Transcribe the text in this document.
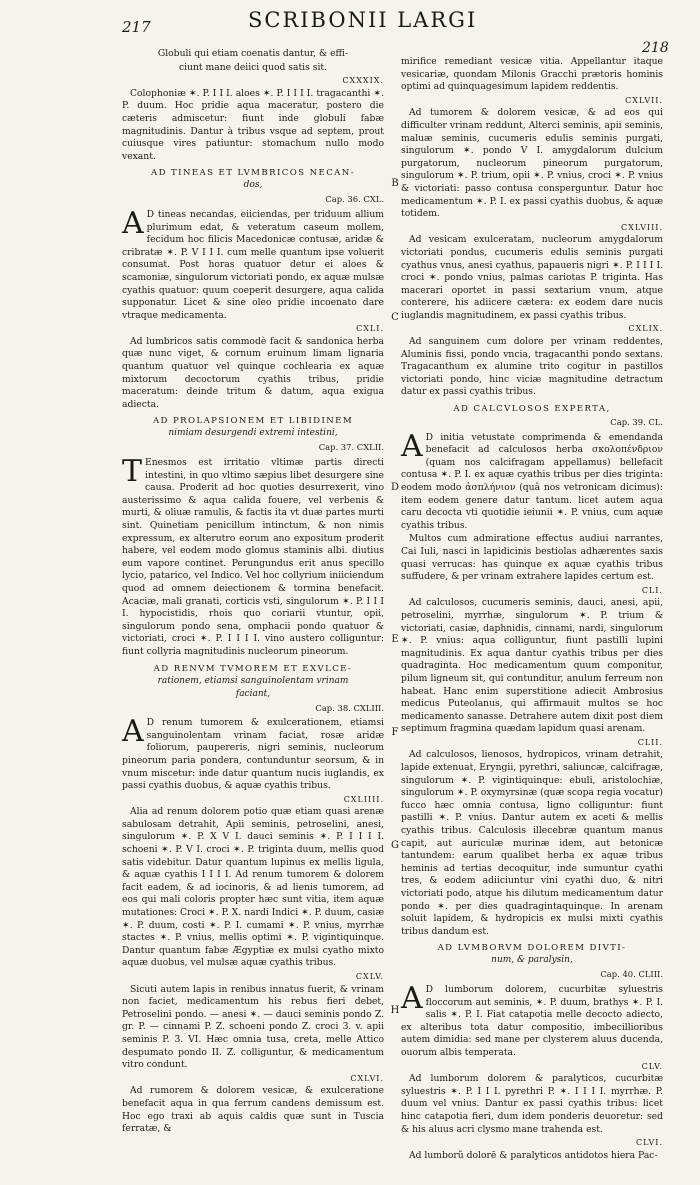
217	SCRIBONII LARGI
218
B
C
D
E
F
G
H

Globuli qui etiam coenatis dantur, & effi-

ciunt mane deiici quod satis sit.

CXXXIX.

Colophoniæ ✶. P. I I I. aloes ✶. P. I I I I. tragacanthi ✶. P. duum. Hoc pridie aqua maceratur, postero die cæteris admiscetur: fiunt inde globuli fabæ magnitudinis. Dantur à tribus vsque ad septem, prout cuiusque vires patiuntur: stomachum nullo modo vexant.

AD TINEAS ET LVMBRICOS NECAN-
dos,
Cap. 36. CXL.

A D tineas necandas, eiiciendas, per triduum allium plurimum edat, & veteratum caseum mollem, fecidum hoc filicis Macedonicæ contusæ, aridæ & cribratæ ✶. P. V I I I. cum melle quantum ipse voluerit consumat. Post horas quatuor detur ei aloes & scamoniæ, singulorum victoriati pondo, ex aquæ mulsæ cyathis quatuor: quum coeperit desurgere, aqua calida supponatur. Licet & sine oleo pridie incoenato dare vtraque medicamenta.

CXLI.

Ad lumbricos satis commodè facit & sandonica herba quæ nunc viget, & cornum eruinum limam lignaria quantum quatuor vel quinque cochlearia ex aquæ mixtorum decoctorum cyathis tribus, pridie maceratum: deinde tritum & datum, aqua exigua adiecta.

AD PROLAPSIONEM ET LIBIDINEM
nimiam desurgendi extremi intestini,
Cap. 37. CXLII.

T Enesmos est irritatio vltimæ partis directi intestini, in quo vltimo sæpius libet desurgere sine causa. Proderit ad hoc quoties desurrexerit, vino austerissimo & aqua calida fouere, vel verbenis & murti, & oliuæ ramulis, & factis ita vt duæ partes murti sint. Quinetiam penicillum intinctum, & non nimis expressum, ex alterutro eorum ano expositum proderit habere, vel eodem modo glomus staminis albi. diutius eum vapore continet. Perungundus erit anus specillo lycio, patarico, vel Indico. Vel hoc collyrium iniiciendum quod ad omnem deiectionem & tormina benefacit. Acaciæ, mali granati, corticis vsti, singulorum ✶. P. I I I I. hypocistidis, rhois quo coriarii vtuntur, opii, singulorum pondo sena, omphacii pondo quatuor & victoriati, croci ✶. P. I I I I. vino austero colliguntur: fiunt collyria magnitudinis nucleorum pineorum.

AD RENVM TVMOREM ET EXVLCE-
rationem, etiamsi sanguinolentam vrinam
faciant,
Cap. 38. CXLIII.

A D renum tumorem & exulcerationem, etiamsi sanguinolentam vrinam faciat, rosæ aridæ foliorum, paupereris, nigri seminis, nucleorum pineorum paria pondera, contunduntur seorsum, & in vnum miscetur: inde datur quantum nucis iuglandis, ex passi cyathis duobus, & aquæ cyathis tribus.

CXLIIII.

Alia ad renum dolorem potio quæ etiam quasi arenæ sabulosam detrahit, Apii seminis, petroselini, anesi, singulorum ✶. P. X V I. dauci seminis ✶. P. I I I I. schoeni ✶. P. V I. croci ✶. P. triginta duum, mellis quod satis videbitur. Datur quantum lupinus ex mellis ligula, & aquæ cyathis I I I I. Ad renum tumorem & dolorem facit eadem, & ad iocinoris, & ad lienis tumorem, ad eos qui mali coloris propter hæc sunt vitia, item aquæ mutationes: Croci ✶. P. X. nardi Indici ✶. P. duum, casiæ ✶. P. duum, costi ✶. P. I. cumami ✶. P. vnius, myrrhæ stactes ✶. P. vnius, mellis optimi ✶. P. vigintiquinque. Dantur quantum fabæ Ægyptiæ ex mulsi cyatho mixto aquæ duobus, vel mulsæ aquæ cyathis tribus.

CXLV.

Sicuti autem lapis in renibus innatus fuerit, & vrinam non faciet, medicamentum his rebus fieri debet, Petroselini pondo. — anesi ✶. — dauci seminis pondo Z. gr. P. — cinnami P. Z. schoeni pondo Z. croci 3. v. apii seminis P. 3. VI. Hæc omnia tusa, creta, melle Attico despumato pondo II. Z. colliguntur, & medicamentum vitro condunt.

CXLVI.

Ad rumorem & dolorem vesicæ, & exulceratione benefacit aqua in qua ferrum candens demissum est. Hoc ego traxi ab aquis caldis quæ sunt in Tuscia ferratæ, &

mirifice remediant vesicæ vitia. Appellantur itaque vesicariæ, quondam Milonis Gracchi prætoris hominis optimi ad quinquagesimum lapidem reddentis.

CXLVII.

Ad tumorem & dolorem vesicæ, & ad eos qui difficulter vrinam reddunt, Alterci seminis, apii seminis, maluæ seminis, cucumeris edulis seminis purgati, singulorum ✶. pondo V I. amygdalorum dulcium purgatorum, nucleorum pineorum purgatorum, singulorum ✶. P. trium, opii ✶. P. vnius, croci ✶. P. vnius & victoriati: passo contusa consperguntur. Datur hoc medicamentum ✶. P. I. ex passi cyathis duobus, & aquæ totidem.

CXLVIII.

Ad vesicam exulceratam, nucleorum amygdalorum victoriati pondus, cucumeris edulis seminis purgati cyathus vnus, anesi cyathus, papaueris nigri ✶. P. I I I I. croci ✶. pondo vnius, palmas cariotas P. triginta. Has macerari oportet in passi sextarium vnum, atque conterere, his adiicere cætera: ex eodem dare nucis iuglandis magnitudinem, ex passi cyathis tribus.

CXLIX.

Ad sanguinem cum dolore per vrinam reddentes, Aluminis fissi, pondo vncia, tragacanthi pondo sextans. Tragacanthum ex alumine trito cogitur in pastillos victoriati pondo, hinc viciæ magnitudine detractum datur ex passi cyathis tribus.

AD CALCVLOSOS EXPERTA,
Cap. 39. CL.

A D initia vetustate comprimenda & emendanda benefacit ad calculosos herba σκολοπένδριον (quam nos calcifragam appellamus) bellefacit contusa ✶. P. I. ex aquæ cyathis tribus per dies triginta: eodem modo ἀσπλήνιον (quâ nos vetronicam dicimus): item eodem genere datur tantum. licet autem aqua caru decocta vti quotidie ieiunii ✶. P. vnius, cum aquæ cyathis tribus.

Multos cum admiratione effectus audiui narrantes, Cai Iuli, nasci in lapidicinis bestiolas adhærentes saxis quasi verrucas: has quinque ex aquæ cyathis tribus suffudere, & per vrinam extrahere lapides certum est.

CLI.

Ad calculosos, cucumeris seminis, dauci, anesi, apii, petroselini, myrrhæ, singulorum ✶. P. trium & victoriati, casiæ, daphnidis, cinnami, nardi, singulorum ✶. P. vnius: aqua colliguntur, fiunt pastilli lupini magnitudinis. Ex aqua dantur cyathis tribus per dies quadraginta. Hoc medicamentum quum componitur, pilum ligneum sit, qui contunditur, anulum ferreum non habeat. Hanc enim superstitione adiecit Ambrosius medicus Puteolanus, qui affirmauit multos se hoc medicamento sanasse. Detrahere autem dixit post diem septimum fragmina quædam lapidum quasi arenam.

CLII.

Ad calculosos, lienosos, hydropicos, vrinam detrahit, lapide extenuat, Eryngii, pyrethri, saliuncæ, calcifragæ, singulorum ✶. P. vigintiquinque: ebuli, aristolochiæ, singulorum ✶. P. oxymyrsinæ (quæ scopa regia vocatur) fucco hæc omnia contusa, ligno colliguntur: fiunt pastilli ✶. P. vnius. Dantur autem ex aceti & mellis cyathis tribus. Calculosis illecebræ quantum manus capit, aut auriculæ murinæ idem, aut betonicæ tantundem: earum qualibet herba ex aquæ tribus heminis ad tertias decoquitur, inde sumuntur cyathi tres, & eodem adiiciuntur vini cyathi duo, & nitri victoriati podo, atque his dilutum medicamentum datur pondo ✶. per dies quadragintaquinque. In arenam soluit lapidem, & hydropicis ex mulsi mixti cyathis tribus dandum est.

AD LVMBORVM DOLOREM DIVTI-
num, & paralysin,
Cap. 40. CLIII.

A D lumborum dolorem, cucurbitæ syluestris floccorum aut seminis, ✶. P. duum, brathys ✶. P. I. salis ✶. P. I. Fiat catapotia melle decocto adiecto, ex alteribus tota datur compositio, imbecillioribus autem dimidia: sed mane per clysterem aluus ducenda, ouorum albis temperata.

CLV.

Ad lumborum dolorem & paralyticos, cucurbitæ syluestris ✶. P. I I I. pyrethri P. ✶. I I I I. myrrhæ. P. duum vel vnius. Dantur ex passi cyathis tribus: licet hinc catapotia fieri, dum idem ponderis deuoretur: sed & his aluus acri clysmo mane trahenda est.

CLVI.

Ad lumborũ dolorē & paralyticos antidotos hiera Pac-
